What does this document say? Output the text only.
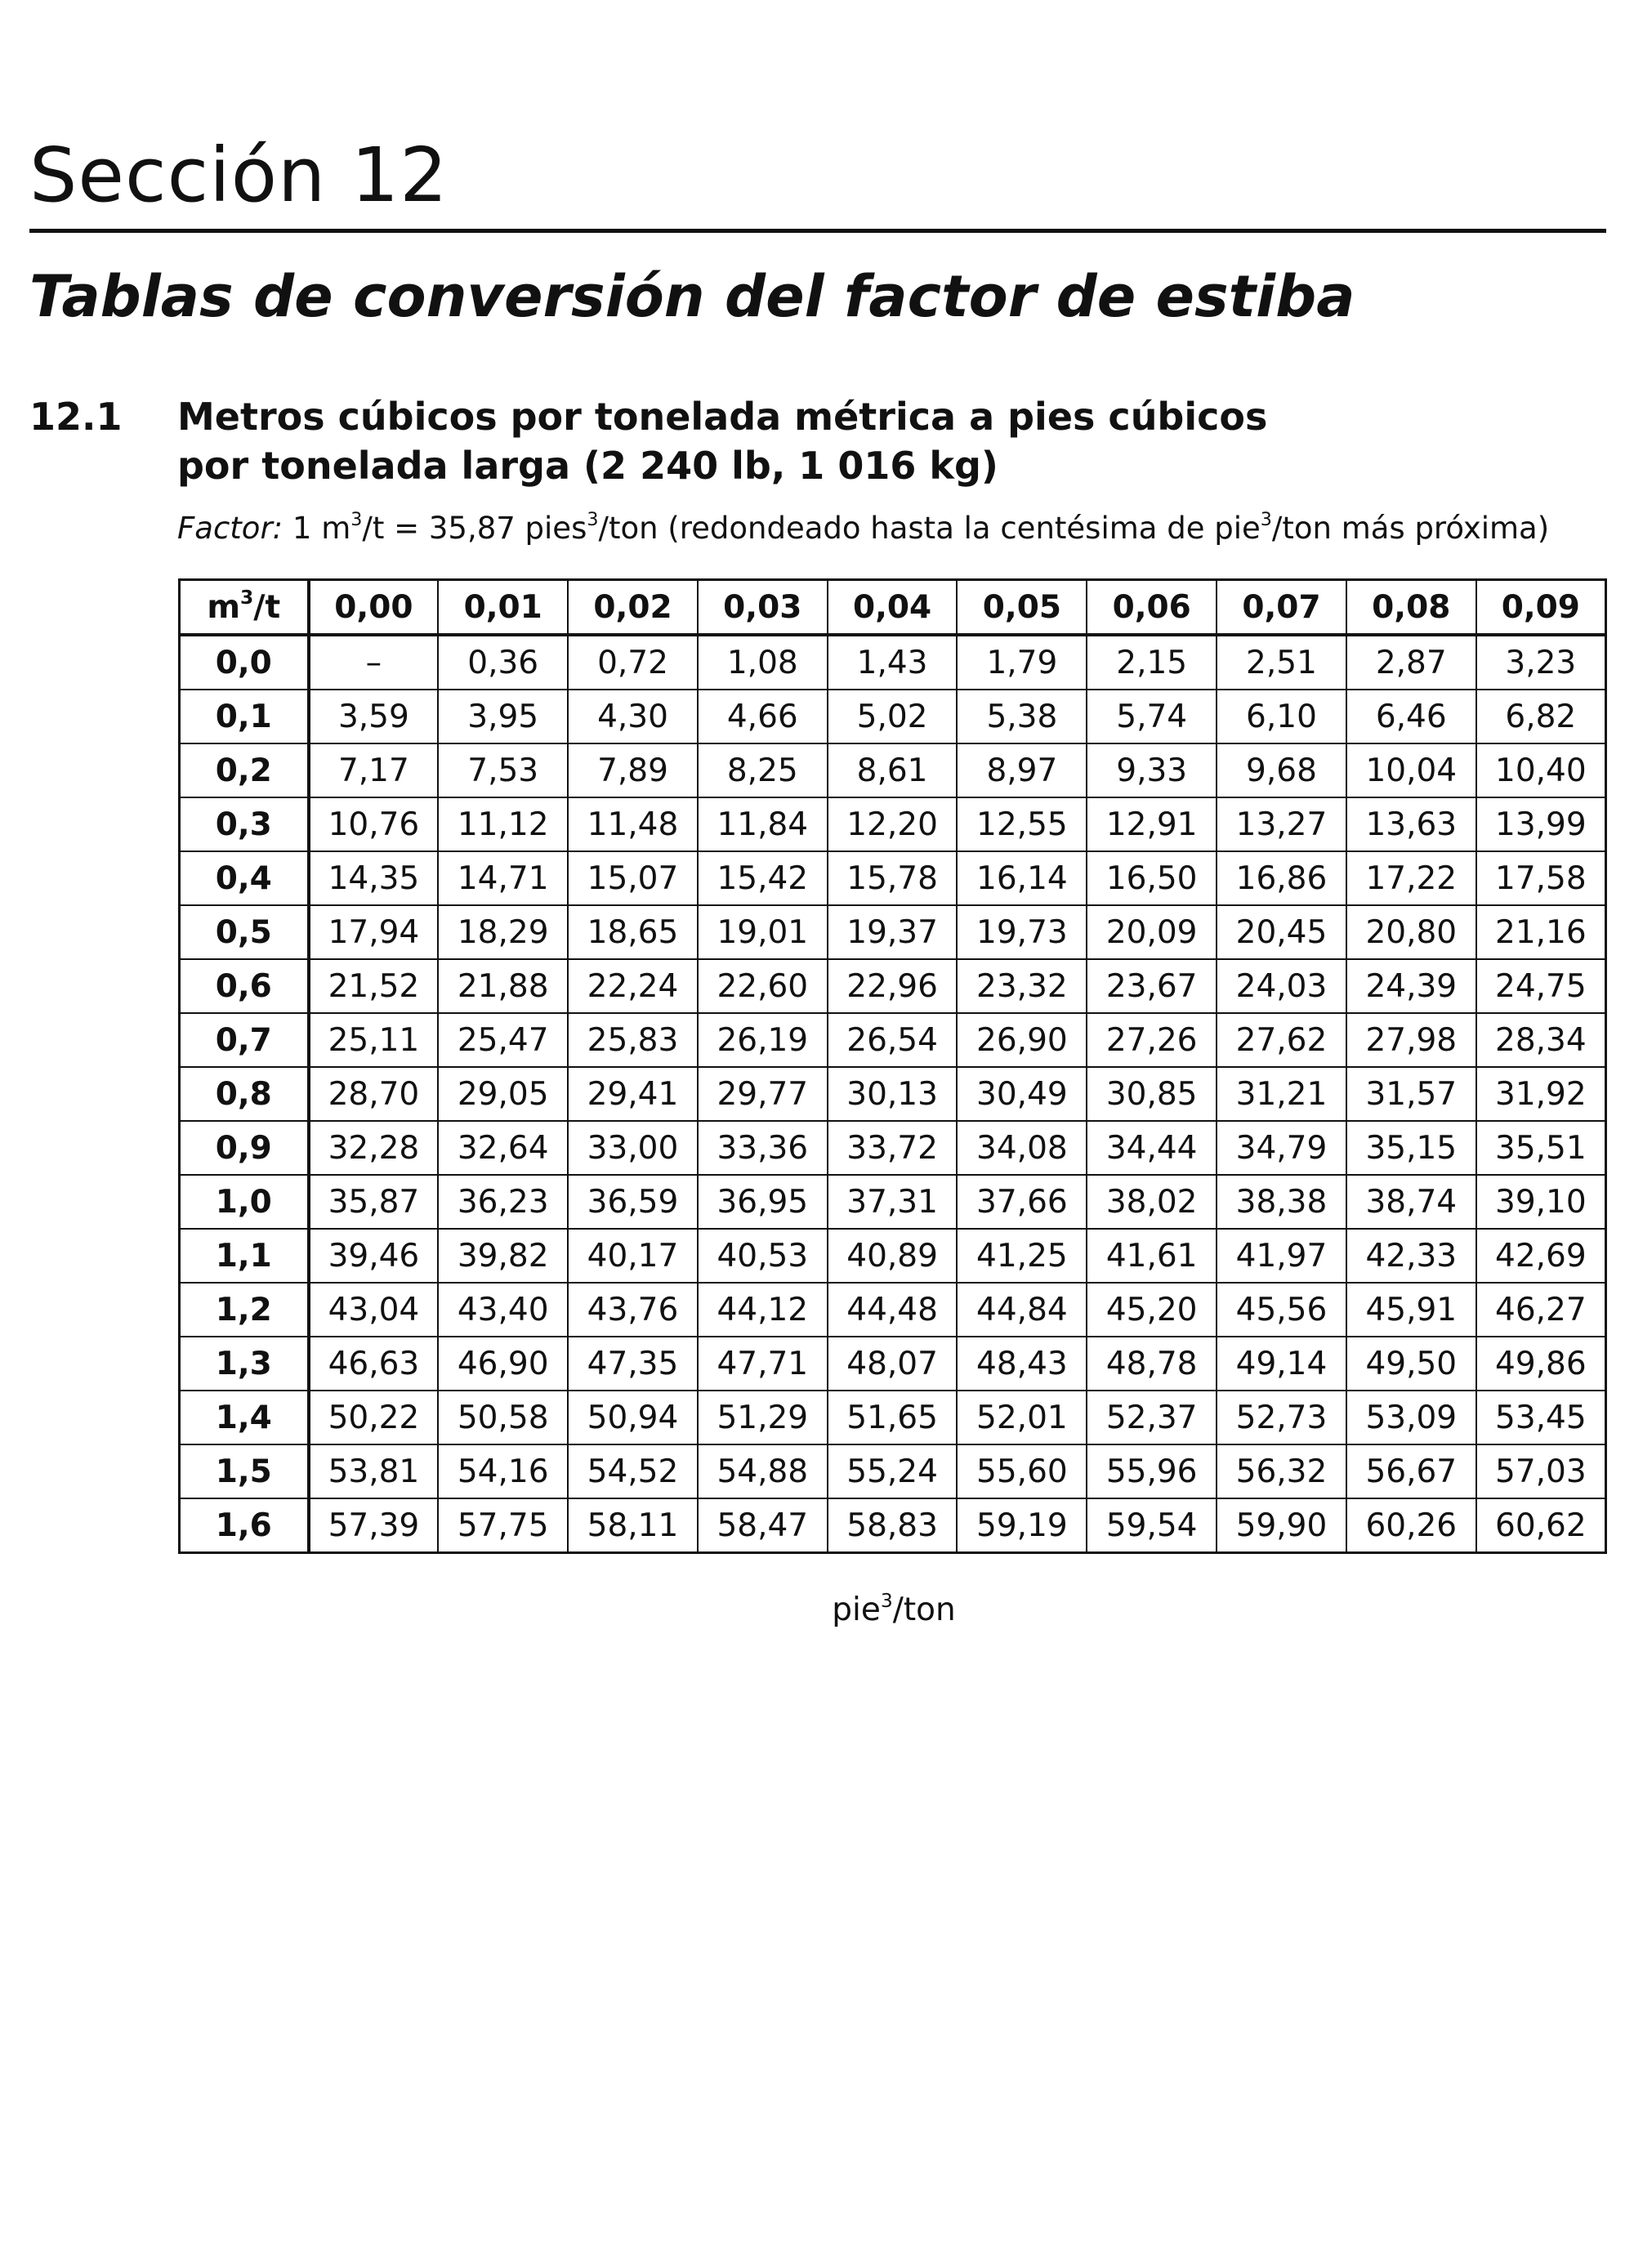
Sección 12
Tablas de conversión del factor de estiba
12.1 Metros cúbicos por tonelada métrica a pies cúbicos
por tonelada larga (2 240 lb, 1 016 kg)
Factor: 1 $m^3/t = 35,87$ pies$^3$/ton (redondeado hasta la centésima de pie$^3$/ton más próxima)
$m^3/t$	0,00	0,01	0,02	0,03	0,04	0,05	0,06	0,07	0,08	0,09
0,0	–	0,36	0,72	1,08	1,43	1,79	2,15	2,51	2,87	3,23
0,1	3,59	3,95	4,30	4,66	5,02	5,38	5,74	6,10	6,46	6,82
0,2	7,17	7,53	7,89	8,25	8,61	8,97	9,33	9,68	10,04	10,40
0,3	10,76	11,12	11,48	11,84	12,20	12,55	12,91	13,27	13,63	13,99
0,4	14,35	14,71	15,07	15,42	15,78	16,14	16,50	16,86	17,22	17,58
0,5	17,94	18,29	18,65	19,01	19,37	19,73	20,09	20,45	20,80	21,16
0,6	21,52	21,88	22,24	22,60	22,96	23,32	23,67	24,03	24,39	24,75
0,7	25,11	25,47	25,83	26,19	26,54	26,90	27,26	27,62	27,98	28,34
0,8	28,70	29,05	29,41	29,77	30,13	30,49	30,85	31,21	31,57	31,92
0,9	32,28	32,64	33,00	33,36	33,72	34,08	34,44	34,79	35,15	35,51
1,0	35,87	36,23	36,59	36,95	37,31	37,66	38,02	38,38	38,74	39,10
1,1	39,46	39,82	40,17	40,53	40,89	41,25	41,61	41,97	42,33	42,69
1,2	43,04	43,40	43,76	44,12	44,48	44,84	45,20	45,56	45,91	46,27
1,3	46,63	46,90	47,35	47,71	48,07	48,43	48,78	49,14	49,50	49,86
1,4	50,22	50,58	50,94	51,29	51,65	52,01	52,37	52,73	53,09	53,45
1,5	53,81	54,16	54,52	54,88	55,24	55,60	55,96	56,32	56,67	57,03
1,6	57,39	57,75	58,11	58,47	58,83	59,19	59,54	59,90	60,26	60,62
pie$^3$/ton
